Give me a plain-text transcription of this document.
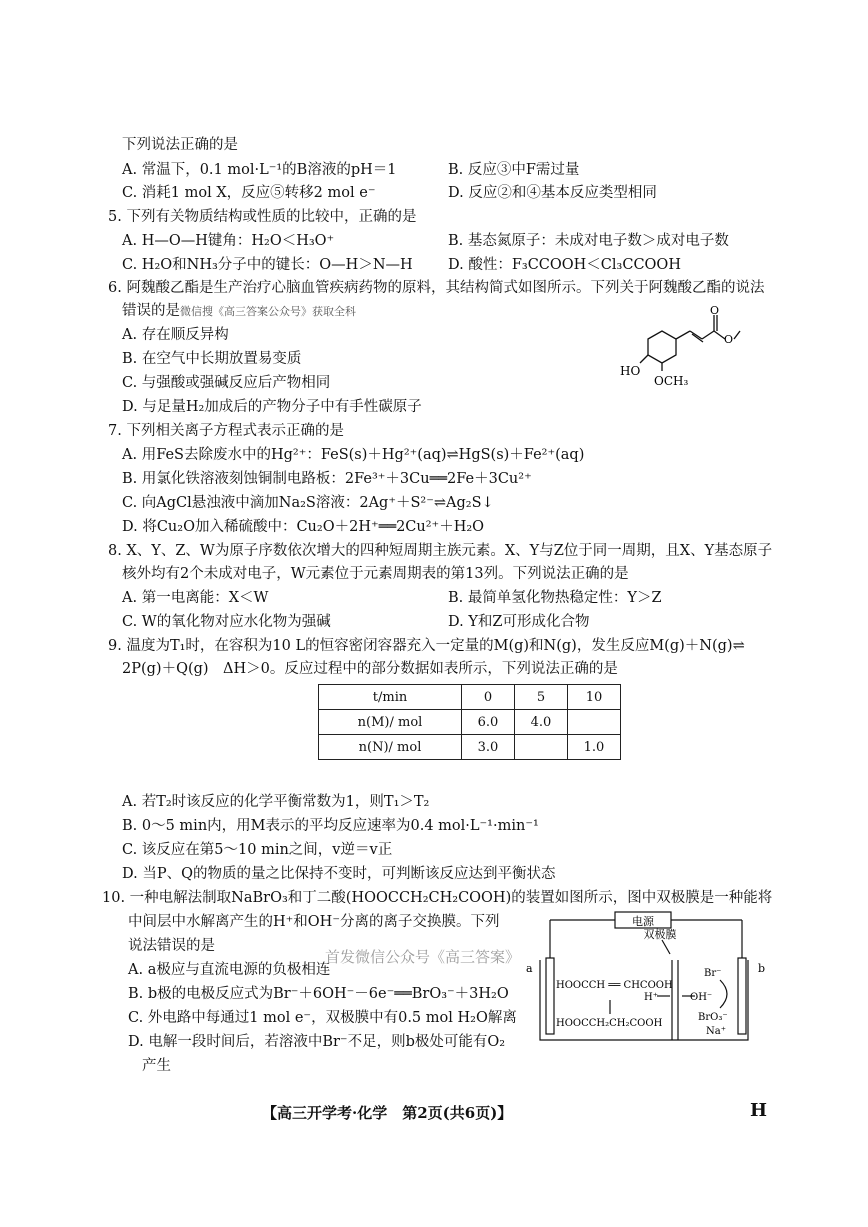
下列说法正确的是
A. 常温下，0.1 mol·L⁻¹的B溶液的pH＝1	B. 反应③中F需过量
C. 消耗1 mol X，反应⑤转移2 mol e⁻	D. 反应②和④基本反应类型相同
5. 下列有关物质结构或性质的比较中，正确的是
A. H—O—H键角：H₂O＜H₃O⁺	B. 基态氮原子：未成对电子数＞成对电子数
C. H₂O和NH₃分子中的键长：O—H＞N—H D. 酸性：F₃CCOOH＜Cl₃CCOOH
6. 阿魏酸乙酯是生产治疗心脑血管疾病药物的原料，其结构简式如图所示。下列关于阿魏酸乙酯的说法
错误的是微信搜《高三答案公众号》获取全科
A. 存在顺反异构
B. 在空气中长期放置易变质
C. 与强酸或强碱反应后产物相同
D. 与足量H₂加成后的产物分子中有手性碳原子
O
O
HO
OCH₃
7. 下列相关离子方程式表示正确的是
A. 用FeS去除废水中的Hg²⁺：FeS(s)＋Hg²⁺(aq)⇌HgS(s)＋Fe²⁺(aq)
B. 用氯化铁溶液刻蚀铜制电路板：2Fe³⁺＋3Cu══2Fe＋3Cu²⁺
C. 向AgCl悬浊液中滴加Na₂S溶液：2Ag⁺＋S²⁻⇌Ag₂S↓
D. 将Cu₂O加入稀硫酸中：Cu₂O＋2H⁺══2Cu²⁺＋H₂O
8. X、Y、Z、W为原子序数依次增大的四种短周期主族元素。X、Y与Z位于同一周期，且X、Y基态原子
核外均有2个未成对电子，W元素位于元素周期表的第13列。下列说法正确的是
A. 第一电离能：X＜W	B. 最简单氢化物热稳定性：Y＞Z
C. W的氧化物对应水化物为强碱	D. Y和Z可形成化合物
9. 温度为T₁时，在容积为10 L的恒容密闭容器充入一定量的M(g)和N(g)，发生反应M(g)＋N(g)⇌
2P(g)＋Q(g)　ΔH＞0。反应过程中的部分数据如表所示，下列说法正确的是
t/min	0	5	10
n(M)/ mol	6.0	4.0	
n(N)/ mol	3.0		1.0
A. 若T₂时该反应的化学平衡常数为1，则T₁＞T₂
B. 0～5 min内，用M表示的平均反应速率为0.4 mol·L⁻¹·min⁻¹
C. 该反应在第5～10 min之间，v逆＝v正
D. 当P、Q的物质的量之比保持不变时，可判断该反应达到平衡状态
10. 一种电解法制取NaBrO₃和丁二酸(HOOCCH₂CH₂COOH)的装置如图所示，图中双极膜是一种能将
中间层中水解离产生的H⁺和OH⁻分离的离子交换膜。下列
说法错误的是
A. a极应与直流电源的负极相连
B. b极的电极反应式为Br⁻＋6OH⁻－6e⁻══BrO₃⁻＋3H₂O
C. 外电路中每通过1 mol e⁻，双极膜中有0.5 mol H₂O解离
D. 电解一段时间后，若溶液中Br⁻不足，则b极处可能有O₂
产生
首发微信公众号《高三答案》
电源
双极膜
a	b
HOOCCH ══ CHCOOH
HOOCCH₂CH₂COOH
H⁺	OH⁻
Br⁻
BrO₃⁻
Na⁺
【高三开学考·化学　第2页(共6页)】	H
